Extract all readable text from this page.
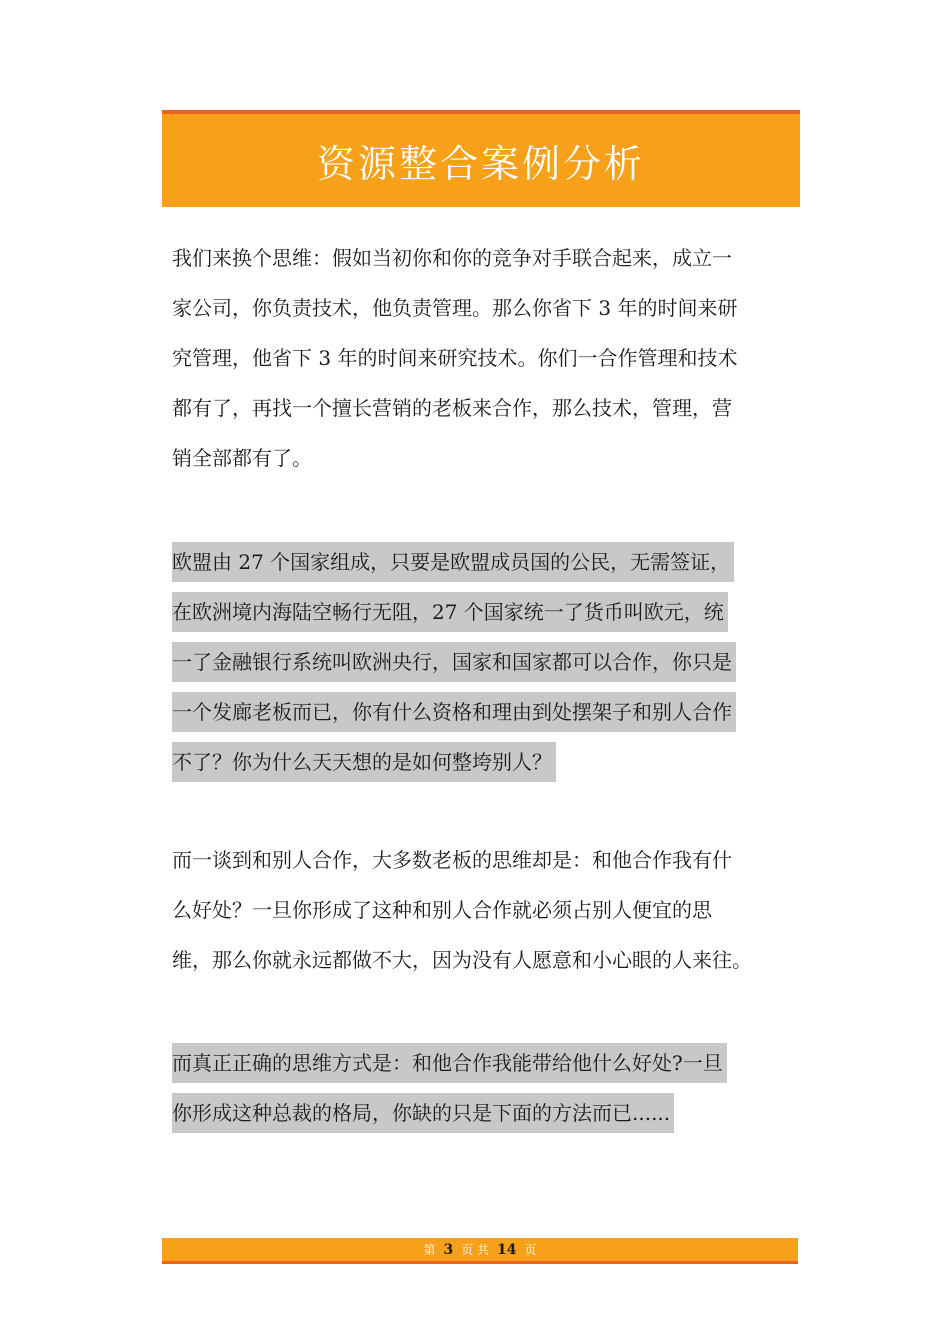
资源整合案例分析
我们来换个思维：假如当初你和你的竞争对手联合起来，成立一
家公司，你负责技术，他负责管理。那么你省下 3 年的时间来研
究管理，他省下 3 年的时间来研究技术。你们一合作管理和技术
都有了，再找一个擅长营销的老板来合作，那么技术，管理，营
销全部都有了。
欧盟由 27 个国家组成，只要是欧盟成员国的公民，无需签证，
在欧洲境内海陆空畅行无阻，27 个国家统一了货币叫欧元，统
一了金融银行系统叫欧洲央行，国家和国家都可以合作，你只是
一个发廊老板而已，你有什么资格和理由到处摆架子和别人合作
不了？你为什么天天想的是如何整垮别人？
而一谈到和别人合作，大多数老板的思维却是：和他合作我有什
么好处？一旦你形成了这种和别人合作就必须占别人便宜的思
维，那么你就永远都做不大，因为没有人愿意和小心眼的人来往。
而真正正确的思维方式是：和他合作我能带给他什么好处?一旦
你形成这种总裁的格局，你缺的只是下面的方法而已......
第 3 页 共 14 页
